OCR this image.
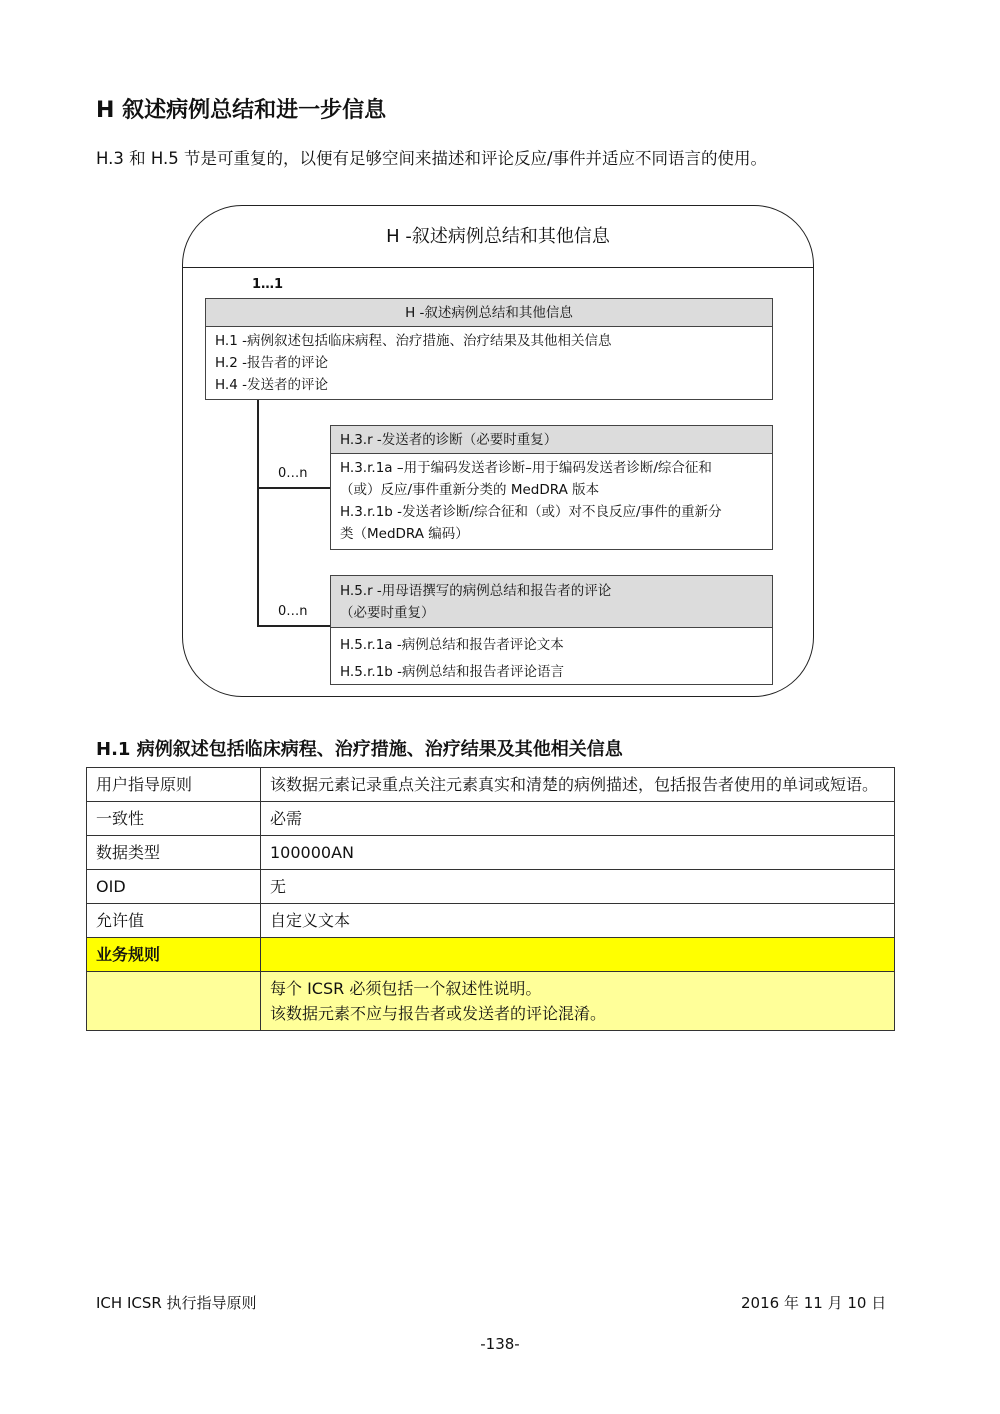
H 叙述病例总结和进一步信息
H.3 和 H.5 节是可重复的，以便有足够空间来描述和评论反应/事件并适应不同语言的使用。
H -叙述病例总结和其他信息
1…1
H -叙述病例总结和其他信息
H.1 -病例叙述包括临床病程、治疗措施、治疗结果及其他相关信息
H.2 -报告者的评论
H.4 -发送者的评论
0…n
0…n
H.3.r -发送者的诊断（必要时重复）
H.3.r.1a –用于编码发送者诊断–用于编码发送者诊断/综合征和
（或）反应/事件重新分类的 MedDRA 版本
H.3.r.1b -发送者诊断/综合征和（或）对不良反应/事件的重新分
类（MedDRA 编码）
H.5.r -用母语撰写的病例总结和报告者的评论
（必要时重复）
H.5.r.1a -病例总结和报告者评论文本
H.5.r.1b -病例总结和报告者评论语言
H.1 病例叙述包括临床病程、治疗措施、治疗结果及其他相关信息
用户指导原则	该数据元素记录重点关注元素真实和清楚的病例描述，包括报告者使用的单词或短语。
一致性	必需
数据类型	100000AN
OID	无
允许值	自定义文本
业务规则	

	每个 ICSR 必须包括一个叙述性说明。
该数据元素不应与报告者或发送者的评论混淆。
ICH ICSR 执行指导原则	2016 年 11 月 10 日
-138-
